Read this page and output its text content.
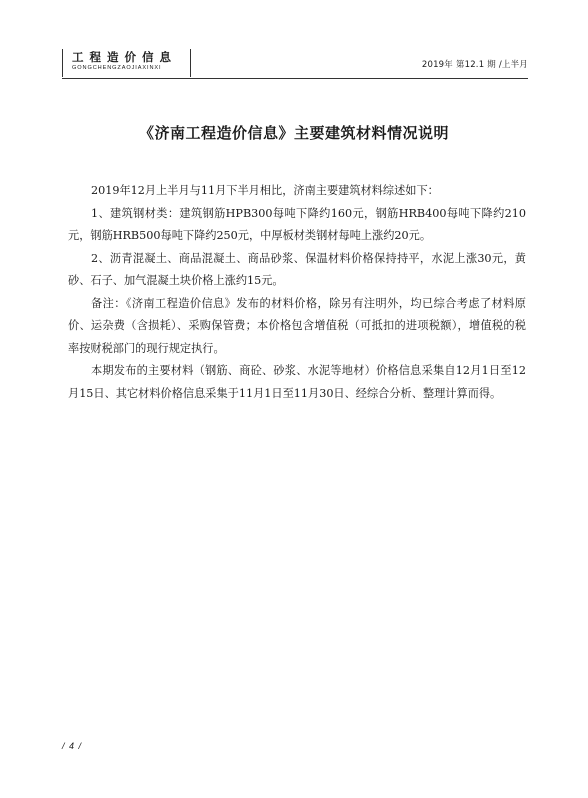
工程造价信息
GONGCHENGZAOJIAXINXI	2019年 第12.1 期 /上半月
《济南工程造价信息》主要建筑材料情况说明

2019年12月上半月与11月下半月相比，济南主要建筑材料综述如下：

1、建筑钢材类：建筑钢筋HPB300每吨下降约160元，钢筋HRB400每吨下降约210元，钢筋HRB500每吨下降约250元，中厚板材类钢材每吨上涨约20元。

2、沥青混凝土、商品混凝土、商品砂浆、保温材料价格保持持平，水泥上涨30元，黄砂、石子、加气混凝土块价格上涨约15元。

备注：《济南工程造价信息》发布的材料价格，除另有注明外，均已综合考虑了材料原价、运杂费（含损耗）、采购保管费；本价格包含增值税（可抵扣的进项税额），增值税的税率按财税部门的现行规定执行。

本期发布的主要材料（钢筋、商砼、砂浆、水泥等地材）价格信息采集自12月1日至12月15日、其它材料价格信息采集于11月1日至11月30日、经综合分析、整理计算而得。

/ 4 /
